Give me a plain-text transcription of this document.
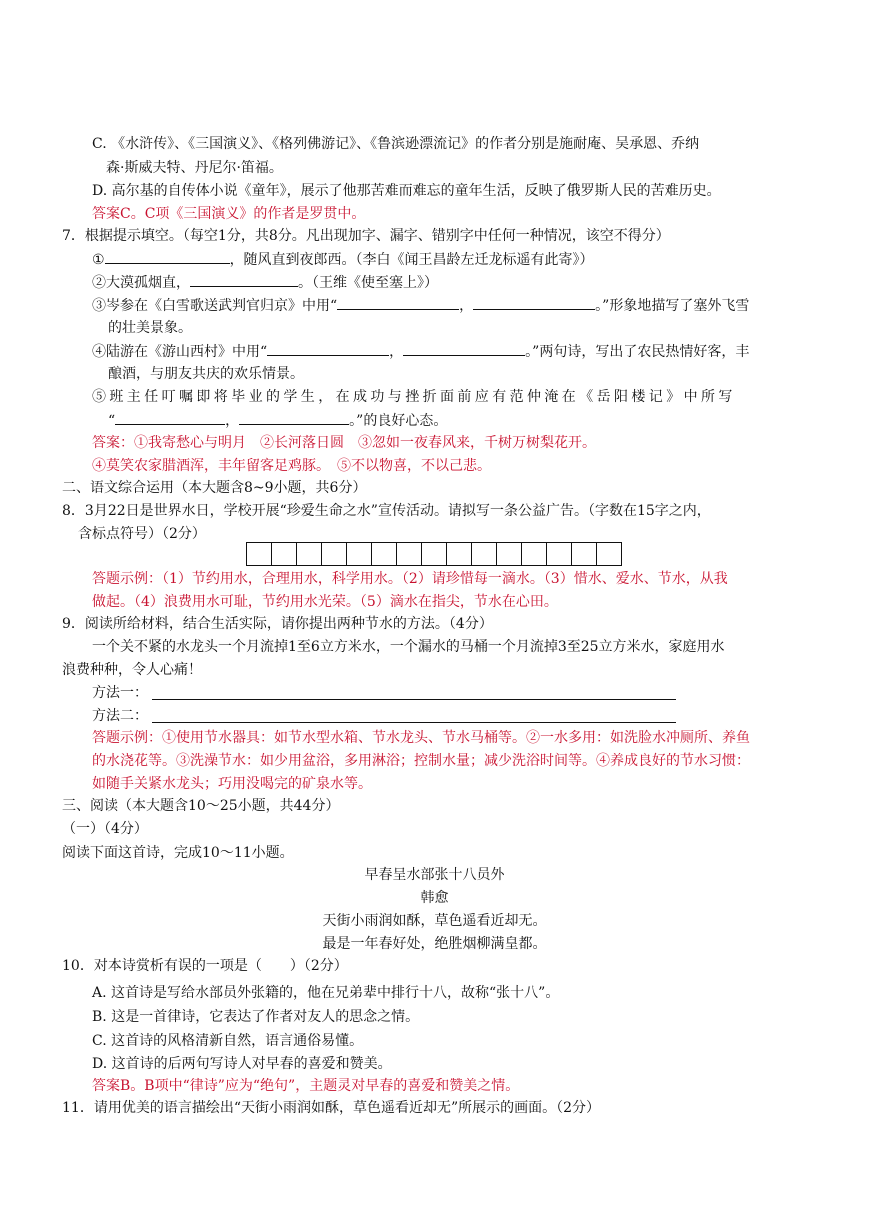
C. 《水浒传》、《三国演义》、《格列佛游记》、《鲁滨逊漂流记》的作者分别是施耐庵、吴承恩、乔纳
森·斯威夫特、丹尼尔·笛福。
D. 高尔基的自传体小说《童年》，展示了他那苦难而难忘的童年生活，反映了俄罗斯人民的苦难历史。
答案C。C项《三国演义》的作者是罗贯中。
7．根据提示填空。（每空1分，共8分。凡出现加字、漏字、错别字中任何一种情况，该空不得分）
①	，随风直到夜郎西。（李白《闻王昌龄左迁龙标遥有此寄》）
②大漠孤烟直，	。（王维《使至塞上》）
③岑参在《白雪歌送武判官归京》中用“	，	。”形象地描写了塞外飞雪
的壮美景象。
④陆游在《游山西村》中用“	，	。”两句诗，写出了农民热情好客，丰
酿酒，与朋友共庆的欢乐情景。
⑤班主任叮嘱即将毕业的学生，在成功与挫折面前应有范仲淹在《岳阳楼记》中所写
“	，	。”的良好心态。
答案：①我寄愁心与明月　②长河落日圆　③忽如一夜春风来，千树万树梨花开。
④莫笑农家腊酒浑，丰年留客足鸡豚。　⑤不以物喜，不以己悲。
二、语文综合运用（本大题含8~9小题，共6分）
8．3月22日是世界水日，学校开展“珍爱生命之水”宣传活动。请拟写一条公益广告。（字数在15字之内，
含标点符号）（2分）
答题示例：（1）节约用水，合理用水，科学用水。（2）请珍惜每一滴水。（3）惜水、爱水、节水，从我
做起。（4）浪费用水可耻，节约用水光荣。（5）滴水在指尖，节水在心田。
9．阅读所给材料，结合生活实际，请你提出两种节水的方法。（4分）
一个关不紧的水龙头一个月流掉1至6立方米水，一个漏水的马桶一个月流掉3至25立方米水，家庭用水
浪费种种，令人心痛！
方法一：
方法二：
答题示例：①使用节水器具：如节水型水箱、节水龙头、节水马桶等。②一水多用：如洗脸水冲厕所、养鱼
的水浇花等。③洗澡节水：如少用盆浴，多用淋浴；控制水量；减少洗浴时间等。④养成良好的节水习惯：
如随手关紧水龙头；巧用没喝完的矿泉水等。
三、阅读（本大题含10～25小题，共44分）
（一）（4分）
阅读下面这首诗，完成10～11小题。
早春呈水部张十八员外
韩愈
天街小雨润如酥，草色遥看近却无。
最是一年春好处，绝胜烟柳满皇都。
10．对本诗赏析有误的一项是（　　）（2分）
A. 这首诗是写给水部员外张籍的，他在兄弟辈中排行十八，故称“张十八”。
B. 这是一首律诗，它表达了作者对友人的思念之情。
C. 这首诗的风格清新自然，语言通俗易懂。
D. 这首诗的后两句写诗人对早春的喜爱和赞美。
答案B。B项中“律诗”应为“绝句”，主题灵对早春的喜爱和赞美之情。
11．请用优美的语言描绘出“天街小雨润如酥，草色遥看近却无”所展示的画面。（2分）
